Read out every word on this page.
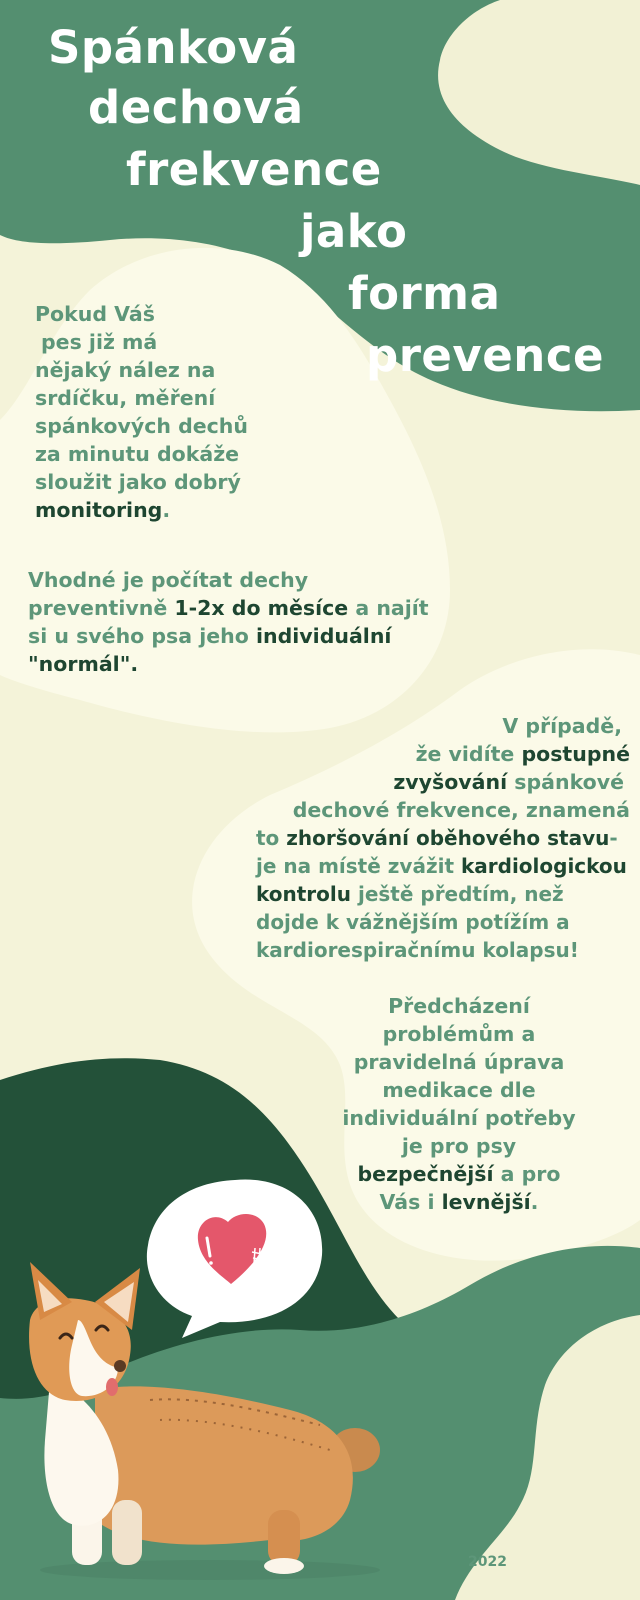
Spánková
dechová
frekvence
jako
forma
prevence
Pokud Váš
pes již má
nějaký nález na
srdíčku, měření
spánkových dechů
za minutu dokáže
sloužit jako dobrý
monitoring.
Vhodné je počítat dechy
preventivně 1-2x do měsíce a najít
si u svého psa jeho individuální
"normál".
V případě,
že vidíte postupné
zvyšování spánkové
dechové frekvence, znamená
to zhoršování oběhového stavu-
je na místě zvážit kardiologickou
kontrolu ještě předtím, než
dojde k vážnějším potížím a
kardiorespiračnímu kolapsu!
Předcházení
problémům a
pravidelná úprava
medikace dle
individuální potřeby
je pro psy
bezpečnější a pro
Vás i levnější.
2022
